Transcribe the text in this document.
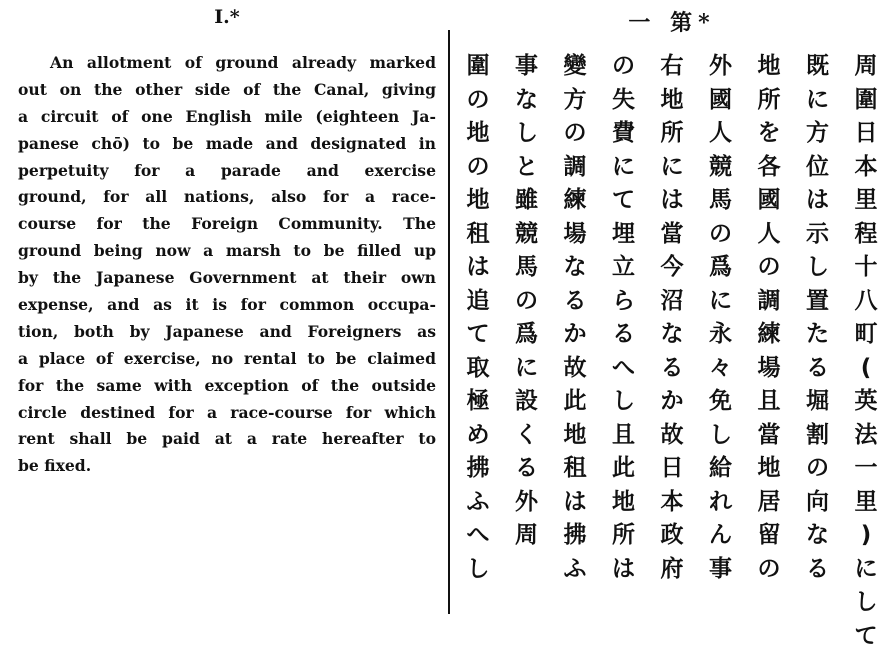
I.*
An allotment of ground already marked
out on the other side of the Canal, giving
a circuit of one English mile (eighteen Ja-
panese chō) to be made and designated in
perpetuity for a parade and exercise
ground, for all nations, also for a race-
course for the Foreign Community. The
ground being now a marsh to be filled up
by the Japanese Government at their own
expense, and as it is for common occupa-
tion, both by Japanese and Foreigners as
a place of exercise, no rental to be claimed
for the same with exception of the outside
circle destined for a race-course for which
rent shall be paid at a rate hereafter to
be fixed.
一 第*
周
圍
日
本
里
程
十
八
町
(
英
法
一
里
)
に
し
て
既
に
方
位
は
示
し
置
た
る
堀
割
の
向
な
る
地
所
を
各
國
人
の
調
練
場
且
當
地
居
留
の
外
國
人
競
馬
の
爲
に
永
々
免
し
給
れ
ん
事
右
地
所
に
は
當
今
沼
な
る
か
故
日
本
政
府
の
失
費
に
て
埋
立
ら
る
へ
し
且
此
地
所
は
變
方
の
調
練
場
な
る
か
故
此
地
租
は
拂
ふ
事
な
し
と
雖
競
馬
の
爲
に
設
く
る
外
周
圍
の
地
の
地
租
は
追
て
取
極
め
拂
ふ
へ
し
